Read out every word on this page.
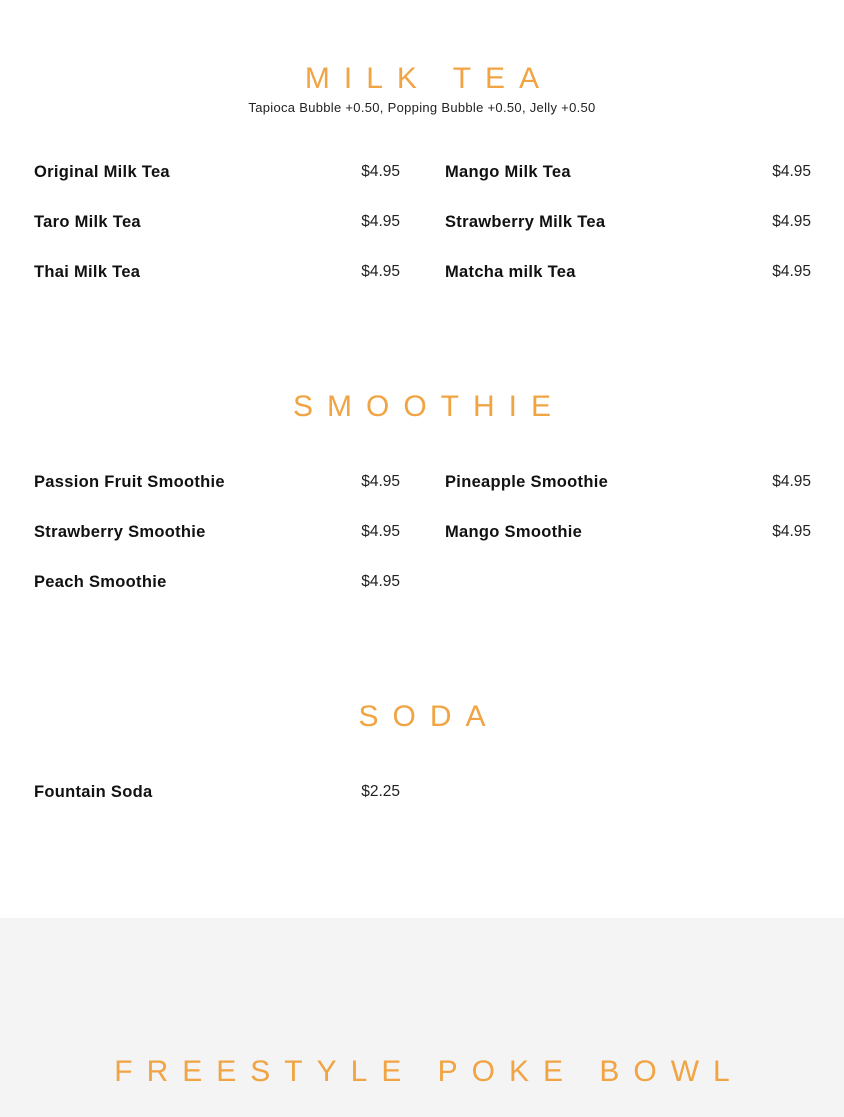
MILK TEA
Tapioca Bubble +0.50, Popping Bubble +0.50, Jelly +0.50
Original Milk Tea	$4.95
Taro Milk Tea	$4.95
Thai Milk Tea	$4.95
Mango Milk Tea	$4.95
Strawberry Milk Tea	$4.95
Matcha milk Tea	$4.95
SMOOTHIE
Passion Fruit Smoothie	$4.95
Strawberry Smoothie	$4.95
Peach Smoothie	$4.95
Pineapple Smoothie	$4.95
Mango Smoothie	$4.95
SODA
Fountain Soda	$2.25
FREESTYLE POKE BOWL
